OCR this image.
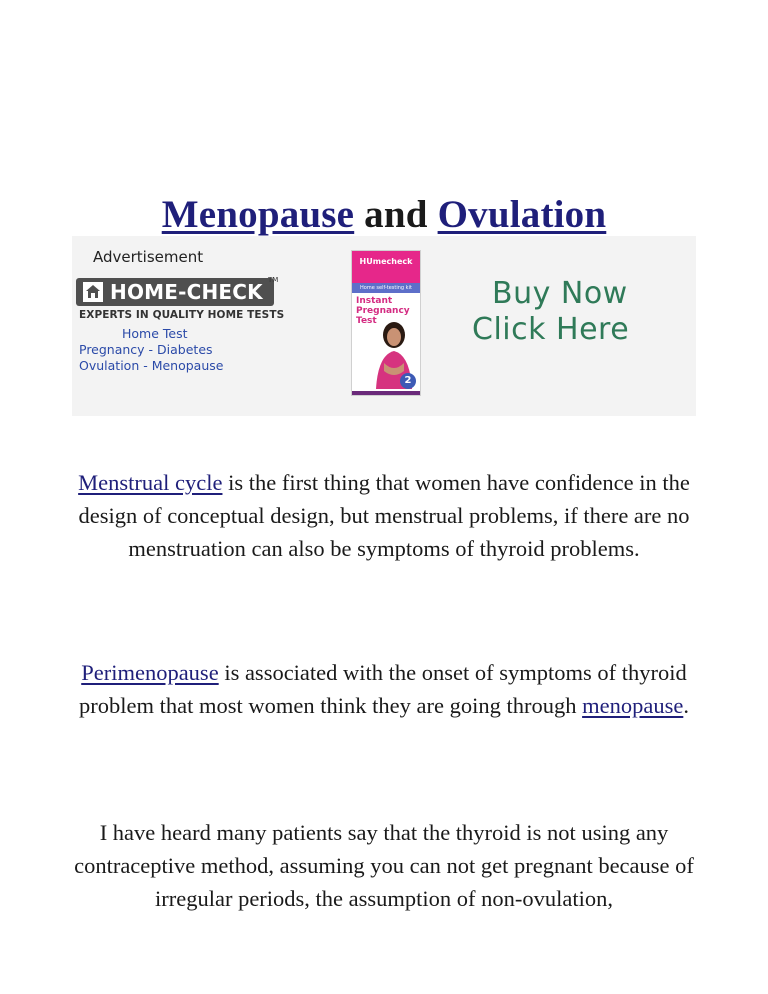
Menopause and Ovulation
Advertisement
HOME-CHECK TM
EXPERTS IN QUALITY HOME TESTS
Home Test
Pregnancy - Diabetes
Ovulation - Menopause
HUmecheck
Home self-testing kit
Instant Pregnancy Test
2
Buy Now
Click Here

Menstrual cycle is the first thing that women have confidence in the design of conceptual design, but menstrual problems, if there are no menstruation can also be symptoms of thyroid problems.

Perimenopause is associated with the onset of symptoms of thyroid problem that most women think they are going through menopause.

I have heard many patients say that the thyroid is not using any contraceptive method, assuming you can not get pregnant because of irregular periods, the assumption of non-ovulation,
